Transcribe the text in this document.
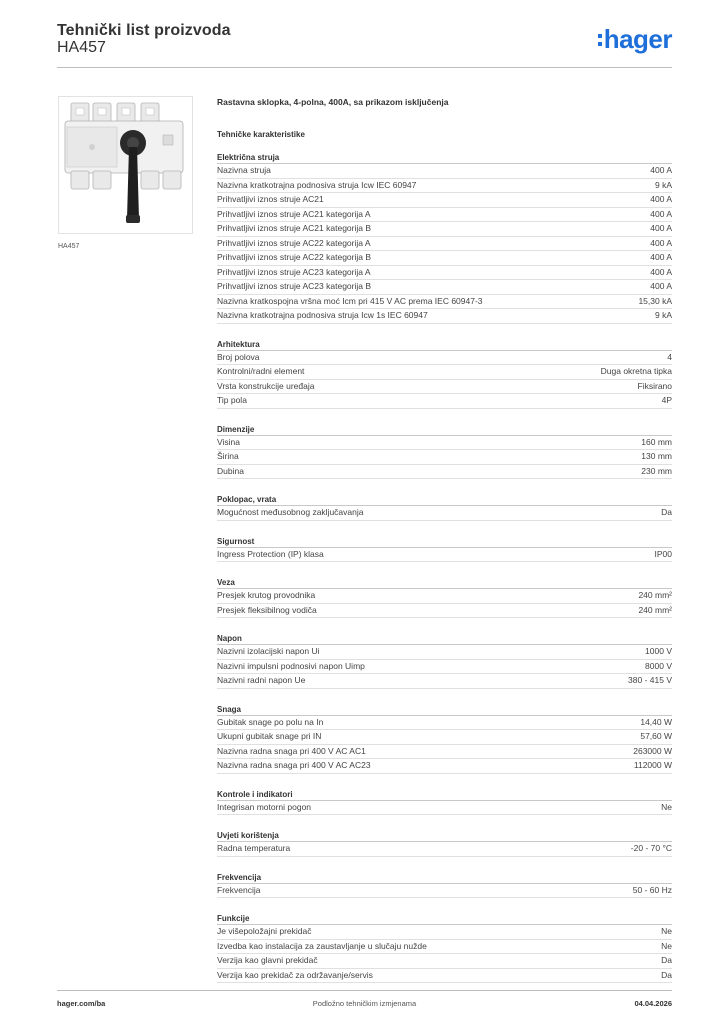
Tehnički list proizvoda
HA457	hager
HA457
Rastavna sklopka, 4-polna, 400A, sa prikazom isključenja
Tehničke karakteristike
Električna struja
Nazivna struja	400 A
Nazivna kratkotrajna podnosiva struja Icw IEC 60947	9 kA
Prihvatljivi iznos struje AC21	400 A
Prihvatljivi iznos struje AC21 kategorija A	400 A
Prihvatljivi iznos struje AC21 kategorija B	400 A
Prihvatljivi iznos struje AC22 kategorija A	400 A
Prihvatljivi iznos struje AC22 kategorija B	400 A
Prihvatljivi iznos struje AC23 kategorija A	400 A
Prihvatljivi iznos struje AC23 kategorija B	400 A
Nazivna kratkospojna vršna moć Icm pri 415 V AC prema IEC 60947-3	15,30 kA
Nazivna kratkotrajna podnosiva struja Icw 1s IEC 60947	9 kA
Arhitektura
Broj polova	4
Kontrolni/radni element	Duga okretna tipka
Vrsta konstrukcije uređaja	Fiksirano
Tip pola	4P
Dimenzije
Visina	160 mm
Širina	130 mm
Dubina	230 mm
Poklopac, vrata
Mogućnost međusobnog zaključavanja	Da
Sigurnost
Ingress Protection (IP) klasa	IP00
Veza
Presjek krutog provodnika	240 mm²
Presjek fleksibilnog vodiča	240 mm²
Napon
Nazivni izolacijski napon Ui	1000 V
Nazivni impulsni podnosivi napon Uimp	8000 V
Nazivni radni napon Ue	380 - 415 V
Snaga
Gubitak snage po polu na In	14,40 W
Ukupni gubitak snage pri IN	57,60 W
Nazivna radna snaga pri 400 V AC AC1	263000 W
Nazivna radna snaga pri 400 V AC AC23	112000 W
Kontrole i indikatori
Integrisan motorni pogon	Ne
Uvjeti korištenja
Radna temperatura	-20 - 70 °C
Frekvencija
Frekvencija	50 - 60 Hz
Funkcije
Je višepoložajni prekidač	Ne
Izvedba kao instalacija za zaustavljanje u slučaju nužde	Ne
Verzija kao glavni prekidač	Da
Verzija kao prekidač za održavanje/servis	Da
hager.com/ba	Podložno tehničkim izmjenama	04.04.2026
